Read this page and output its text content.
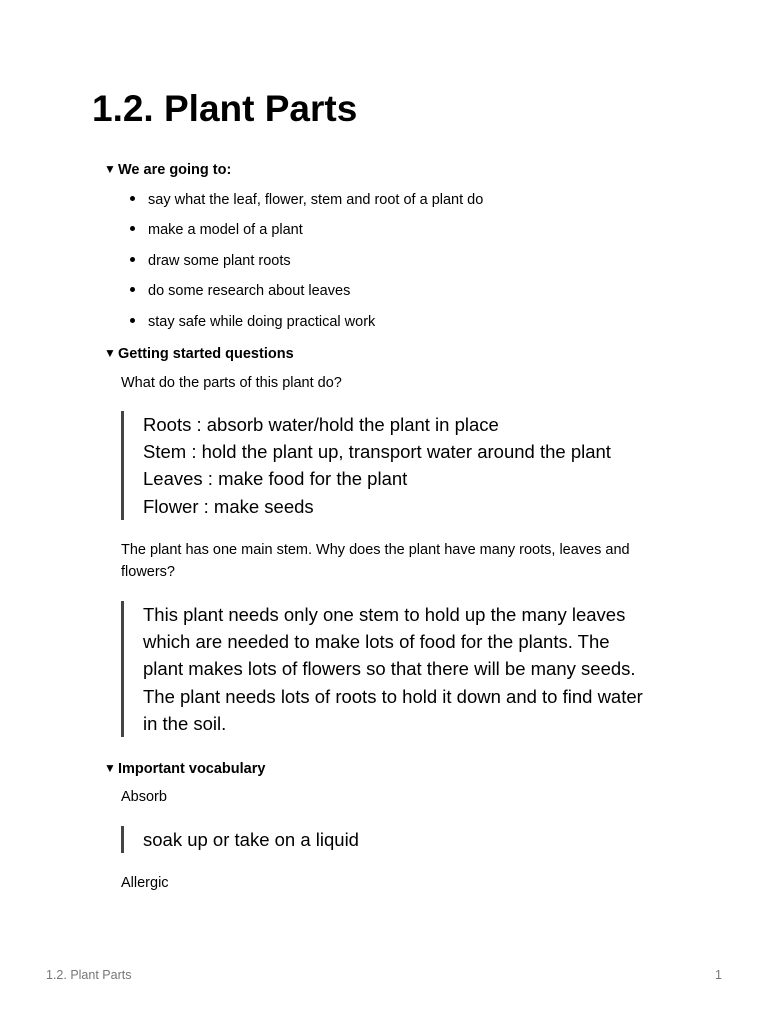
1.2. Plant Parts
▼ We are going to:
say what the leaf, flower, stem and root of a plant do
make a model of a plant
draw some plant roots
do some research about leaves
stay safe while doing practical work
▼ Getting started questions

What do the parts of this plant do?

Roots : absorb water/hold the plant in place
Stem : hold the plant up, transport water around the plant
Leaves : make food for the plant
Flower : make seeds

The plant has one main stem. Why does the plant have many roots, leaves and flowers?

This plant needs only one stem to hold up the many leaves
which are needed to make lots of food for the plants. The
plant makes lots of flowers so that there will be many seeds.
The plant needs lots of roots to hold it down and to find water
in the soil.
▼ Important vocabulary

Absorb

soak up or take on a liquid

Allergic

1.2. Plant Parts	1
